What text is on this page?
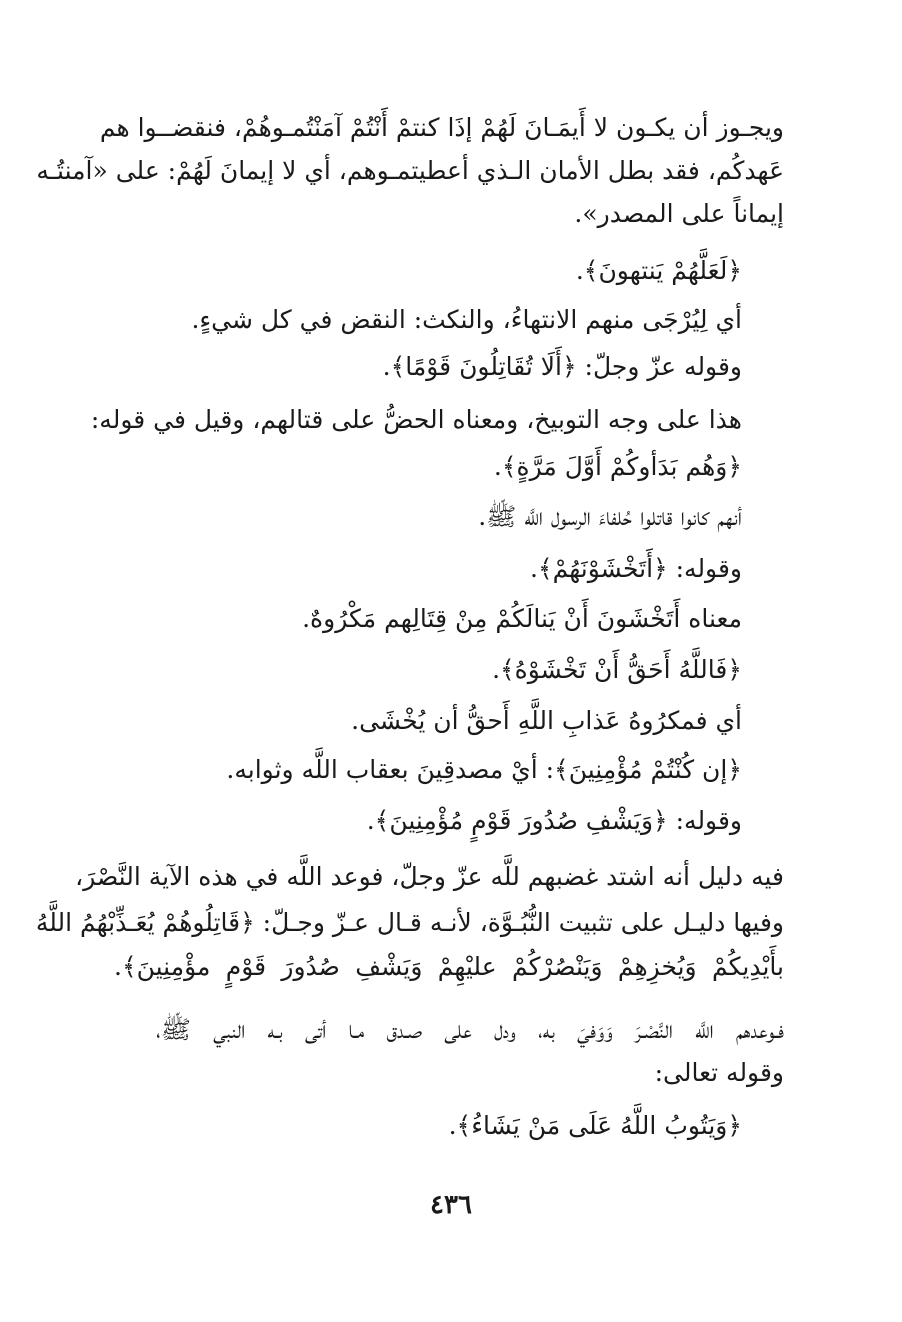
ويجـوز أن يكـون لا أَيمَـانَ لَهُمْ إذَا كنتمْ أَنْتُمْ آمَنْتُمـوهُمْ، فنقضــوا هم
عَهدكُم، فقد بطل الأمان الـذي أعطيتمـوهم، أي لا إيمانَ لَهُمْ: على «آمنتُـه
إيماناً على المصدر».
﴿لَعَلَّهُمْ يَنتهونَ﴾.
أي لِيُرْجَى منهم الانتهاءُ، والنكث: النقض في كل شيءٍ.
وقوله عزّ وجلّ: ﴿أَلَا تُقَاتِلُونَ قَوْمًا﴾.
هذا على وجه التوبيخ، ومعناه الحضُّ على قتالهم، وقيل في قوله:
﴿وَهُم بَدَأوكُمْ أَوَّلَ مَرَّةٍ﴾.
أنهم كانوا قاتلوا حُلفاءَ الرسول اللَّه ﷺ.
وقوله: ﴿أَتَخْشَوْنَهُمْ﴾.
معناه أَتَخْشَونَ أَنْ يَنالَكُمْ مِنْ قِتَالِهم مَكْرُوهٌ.
﴿فَاللَّهُ أَحَقُّ أَنْ تَخْشَوْهُ﴾.
أي فمكرُوهُ عَذابِ اللَّهِ أَحقُّ أن يُخْشَى.
﴿إن كُنْتُمْ مُؤْمِنِينَ﴾: أيْ مصدقِينَ بعقاب اللَّه وثوابه.
وقوله: ﴿وَيَشْفِ صُدُورَ قَوْمٍ مُؤْمِنِينَ﴾.
فيه دليل أنه اشتد غضبهم للَّه عزّ وجلّ، فوعد اللَّه في هذه الآية النَّصْرَ،
وفيها دليـل على تثبيت النُّبُـوَّة، لأنـه قـال عـزّ وجـلّ: ﴿قَاتِلُوهُمْ يُعَـذِّبْهُمُ اللَّهُ
بأَيْدِيكُمْ وَيُخزِهِمْ وَيَنْصُرْكُمْ عليْهِمْ وَيَشْفِ صُدُورَ قَوْمٍ مؤْمِنِينَ﴾.
فـوعدهم اللَّه النَّصْـرَ وَوَفيَ به، ودل على صـدق مـا أتى بـه النبي ﷺ،
وقوله تعالى:
﴿وَيَتُوبُ اللَّهُ عَلَى مَنْ يَشَاءُ﴾.
٤٣٦
